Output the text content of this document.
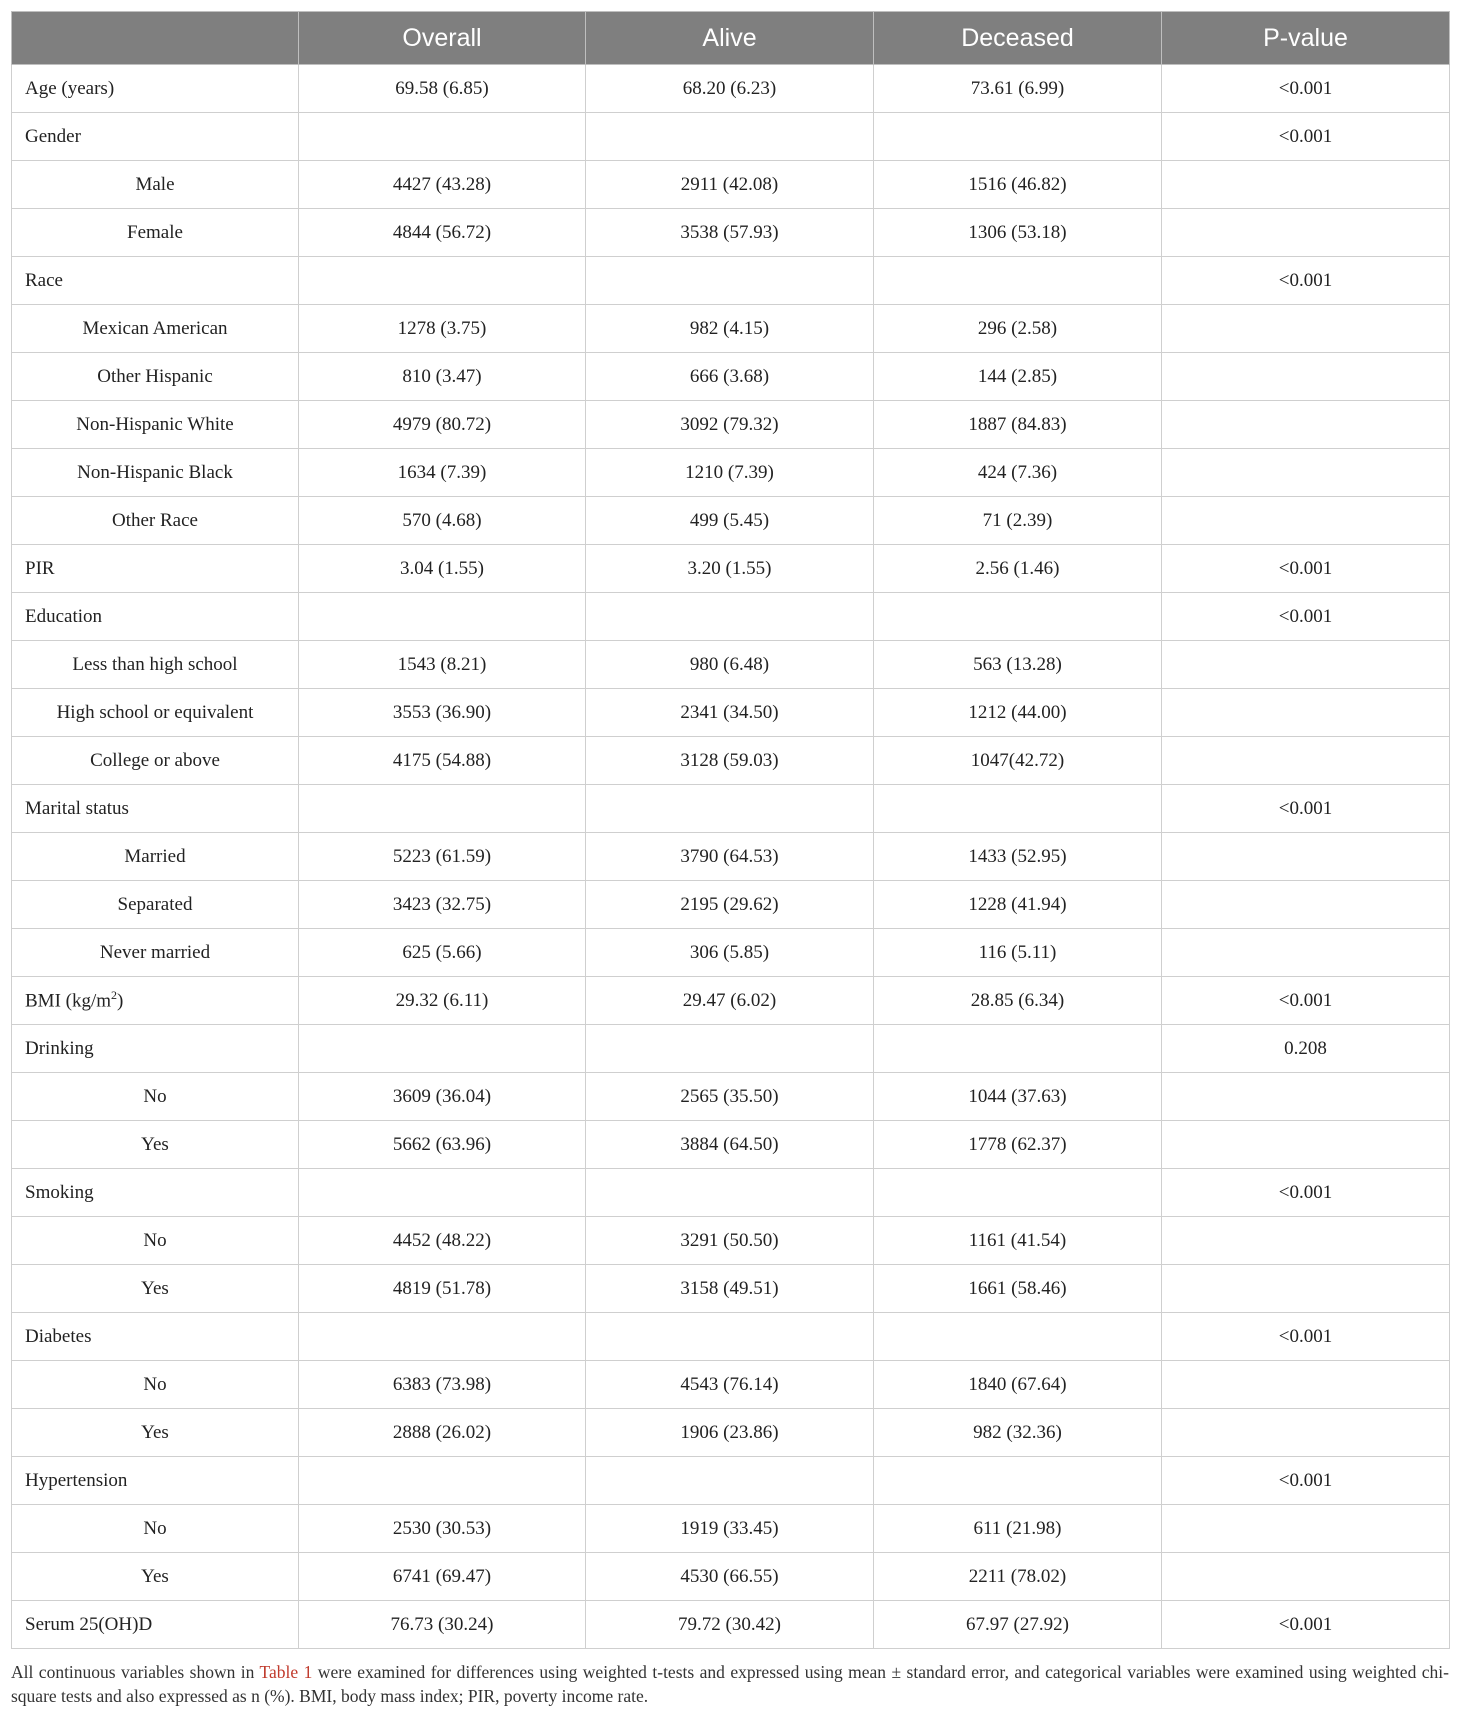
	Overall	Alive	Deceased	P-value
Age (years)	69.58 (6.85)	68.20 (6.23)	73.61 (6.99)	<0.001
Gender				<0.001
Male	4427 (43.28)	2911 (42.08)	1516 (46.82)	
Female	4844 (56.72)	3538 (57.93)	1306 (53.18)	
Race				<0.001
Mexican American	1278 (3.75)	982 (4.15)	296 (2.58)	
Other Hispanic	810 (3.47)	666 (3.68)	144 (2.85)	
Non-Hispanic White	4979 (80.72)	3092 (79.32)	1887 (84.83)	
Non-Hispanic Black	1634 (7.39)	1210 (7.39)	424 (7.36)	
Other Race	570 (4.68)	499 (5.45)	71 (2.39)	
PIR	3.04 (1.55)	3.20 (1.55)	2.56 (1.46)	<0.001
Education				<0.001
Less than high school	1543 (8.21)	980 (6.48)	563 (13.28)	
High school or equivalent	3553 (36.90)	2341 (34.50)	1212 (44.00)	
College or above	4175 (54.88)	3128 (59.03)	1047(42.72)	
Marital status				<0.001
Married	5223 (61.59)	3790 (64.53)	1433 (52.95)	
Separated	3423 (32.75)	2195 (29.62)	1228 (41.94)	
Never married	625 (5.66)	306 (5.85)	116 (5.11)	
BMI $(kg/m^2)$	29.32 (6.11)	29.47 (6.02)	28.85 (6.34)	<0.001
Drinking				0.208
No	3609 (36.04)	2565 (35.50)	1044 (37.63)	
Yes	5662 (63.96)	3884 (64.50)	1778 (62.37)	
Smoking				<0.001
No	4452 (48.22)	3291 (50.50)	1161 (41.54)	
Yes	4819 (51.78)	3158 (49.51)	1661 (58.46)	
Diabetes				<0.001
No	6383 (73.98)	4543 (76.14)	1840 (67.64)	
Yes	2888 (26.02)	1906 (23.86)	982 (32.36)	
Hypertension				<0.001
No	2530 (30.53)	1919 (33.45)	611 (21.98)	
Yes	6741 (69.47)	4530 (66.55)	2211 (78.02)	
Serum 25(OH)D	76.73 (30.24)	79.72 (30.42)	67.97 (27.92)	<0.001

All continuous variables shown in Table 1 were examined for differences using weighted t-tests and expressed using mean ± standard error, and categorical variables were examined using weighted chi-square tests and also expressed as n (%). BMI, body mass index; PIR, poverty income rate.
